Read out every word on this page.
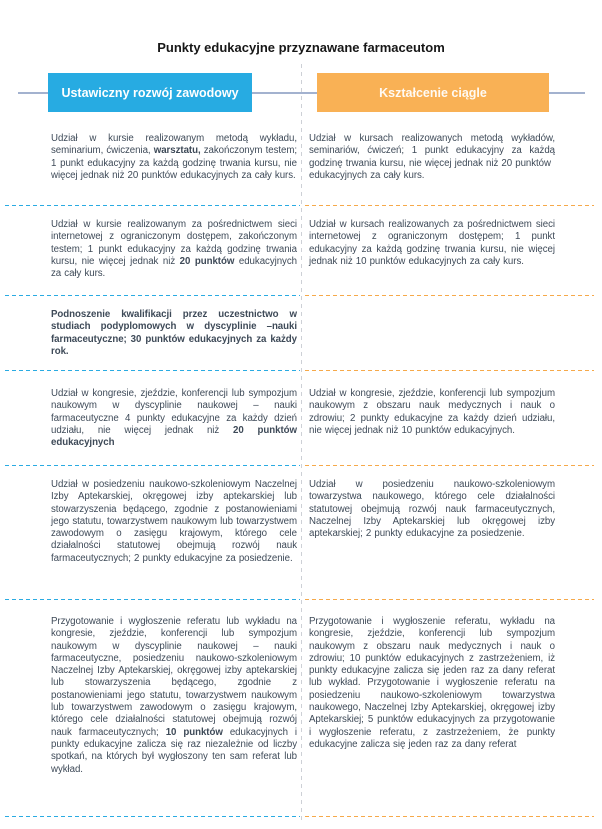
Punkty edukacyjne przyznawane farmaceutom
Ustawiczny rozwój zawodowy	Kształcenie ciągle

Udział w kursie realizowanym metodą wykładu, seminarium, ćwiczenia, warsztatu, zakończonym testem; 1 punkt edukacyjny za każdą godzinę trwania kursu, nie więcej jednak niż 20 punktów edukacyjnych za cały kurs.

Udział w kursach realizowanych metodą wykładów, seminariów, ćwiczeń; 1 punkt edukacyjny za każdą godzinę trwania kursu, nie więcej jednak niż 20 punktów
edukacyjnych za cały kurs.

Udział w kursie realizowanym za pośrednictwem sieci internetowej z ograniczonym dostępem, zakończonym testem; 1 punkt edukacyjny za każdą godzinę trwania kursu, nie więcej jednak niż 20 punktów edukacyjnych za cały kurs.

Udział w kursach realizowanych za pośrednictwem sieci internetowej z ograniczonym dostępem; 1 punkt edukacyjny za każdą godzinę trwania kursu, nie więcej jednak niż 10 punktów edukacyjnych za cały kurs.

Podnoszenie kwalifikacji przez uczestnictwo w studiach podyplomowych w dyscyplinie –nauki farmaceutyczne; 30 punktów edukacyjnych za każdy rok.

Udział w kongresie, zjeździe, konferencji lub sympozjum naukowym w dyscyplinie naukowej – nauki farmaceutyczne 4 punkty edukacyjne za każdy dzień udziału, nie więcej jednak niż 20 punktów edukacyjnych

Udział w kongresie, zjeździe, konferencji lub sympozjum naukowym z obszaru nauk medycznych i nauk o zdrowiu; 2 punkty edukacyjne za każdy dzień udziału, nie więcej jednak niż 10 punktów edukacyjnych.

Udział w posiedzeniu naukowo-szkoleniowym Naczelnej Izby Aptekarskiej, okręgowej izby aptekarskiej lub stowarzyszenia będącego, zgodnie z postanowieniami jego statutu, towarzystwem naukowym lub towarzystwem zawodowym o zasięgu krajowym, którego cele działalności statutowej obejmują rozwój nauk farmaceutycznych; 2 punkty edukacyjne za posiedzenie.

Udział w posiedzeniu naukowo-szkoleniowym towarzystwa naukowego, którego cele działalności statutowej obejmują rozwój nauk farmaceutycznych, Naczelnej Izby Aptekarskiej lub okręgowej izby aptekarskiej; 2 punkty edukacyjne za posiedzenie.

Przygotowanie i wygłoszenie referatu lub wykładu na kongresie, zjeździe, konferencji lub sympozjum naukowym w dyscyplinie naukowej – nauki farmaceutyczne, posiedzeniu naukowo-szkoleniowym Naczelnej Izby Aptekarskiej, okręgowej izby aptekarskiej lub stowarzyszenia będącego, zgodnie z postanowieniami jego statutu, towarzystwem naukowym lub towarzystwem zawodowym o zasięgu krajowym, którego cele działalności statutowej obejmują rozwój nauk farmaceutycznych; 10 punktów edukacyjnych i punkty edukacyjne zalicza się raz niezależnie od liczby spotkań, na których był wygłoszony ten sam referat lub wykład.

Przygotowanie i wygłoszenie referatu, wykładu na kongresie, zjeździe, konferencji lub sympozjum naukowym z obszaru nauk medycznych i nauk o zdrowiu; 10 punktów edukacyjnych z zastrzeżeniem, iż punkty edukacyjne zalicza się jeden raz za dany referat lub wykład. Przygotowanie i wygłoszenie referatu na posiedzeniu naukowo-szkoleniowym towarzystwa naukowego, Naczelnej Izby Aptekarskiej, okręgowej izby Aptekarskiej; 5 punktów edukacyjnych za przygotowanie i wygłoszenie referatu, z zastrzeżeniem, że punkty edukacyjne zalicza się jeden raz za dany referat
